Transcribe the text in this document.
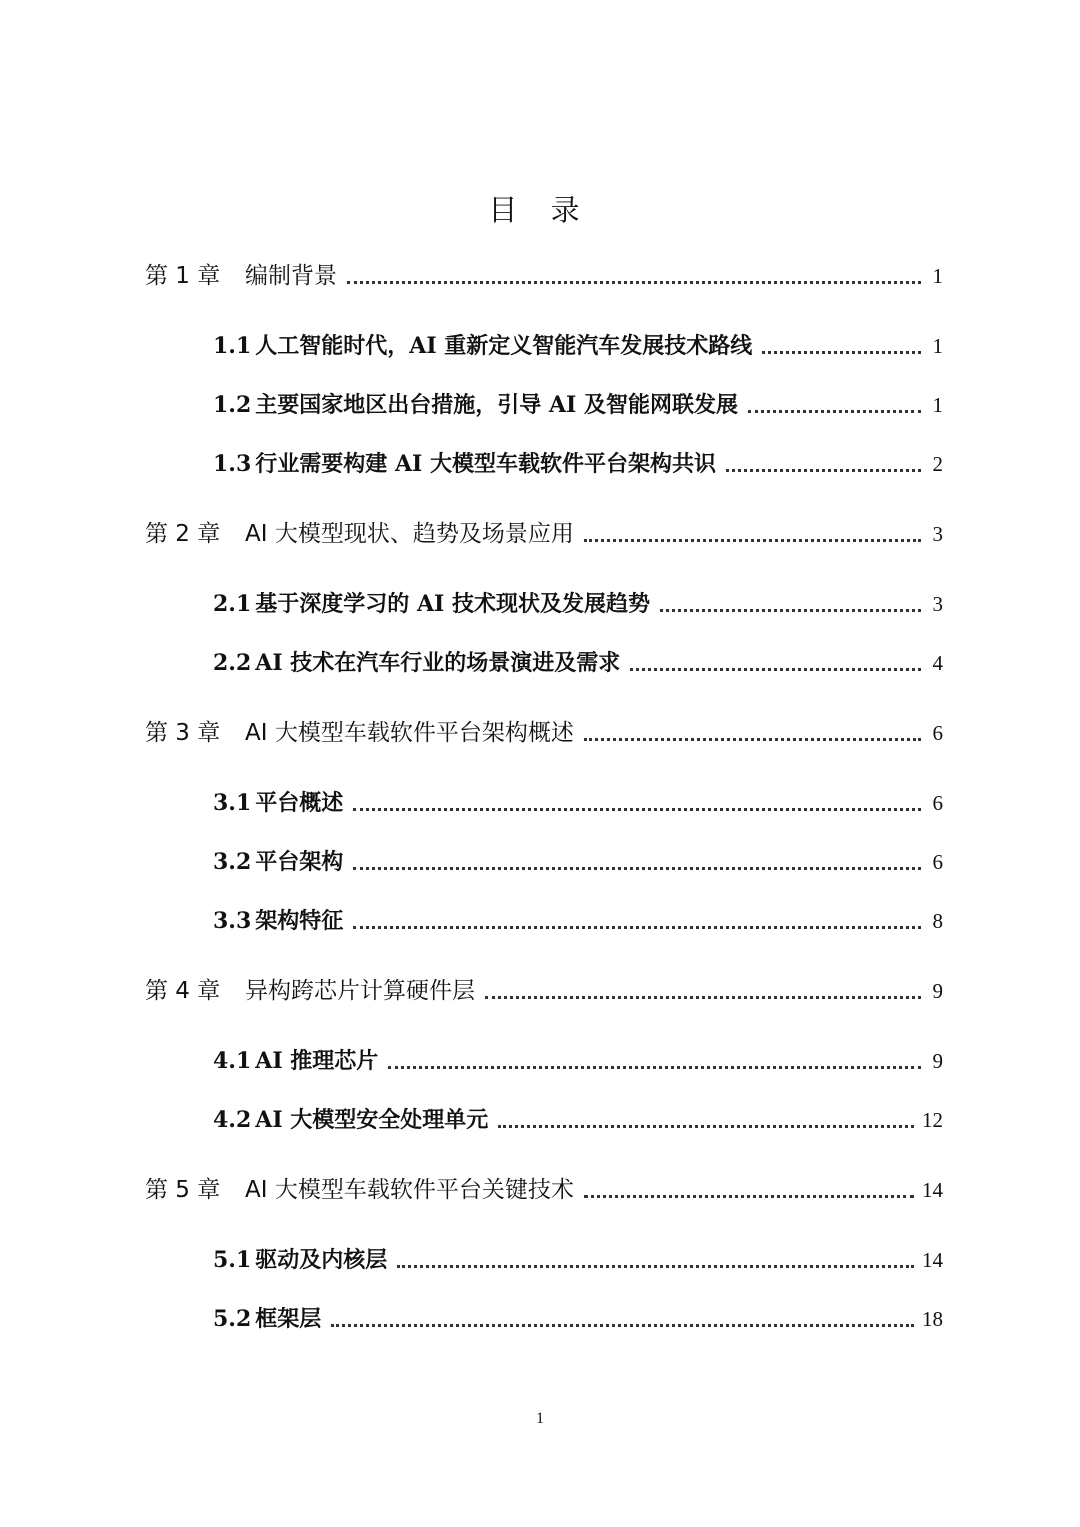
目 录
第 1 章 编制背景	1
1.1 人工智能时代，AI 重新定义智能汽车发展技术路线	1
1.2 主要国家地区出台措施，引导 AI 及智能网联发展	1
1.3 行业需要构建 AI 大模型车载软件平台架构共识	2
第 2 章 AI 大模型现状、趋势及场景应用	3
2.1 基于深度学习的 AI 技术现状及发展趋势	3
2.2 AI 技术在汽车行业的场景演进及需求	4
第 3 章 AI 大模型车载软件平台架构概述	6
3.1 平台概述	6
3.2 平台架构	6
3.3 架构特征	8
第 4 章 异构跨芯片计算硬件层	9
4.1 AI 推理芯片	9
4.2 AI 大模型安全处理单元	12
第 5 章 AI 大模型车载软件平台关键技术	14
5.1 驱动及内核层	14
5.2 框架层	18
1
